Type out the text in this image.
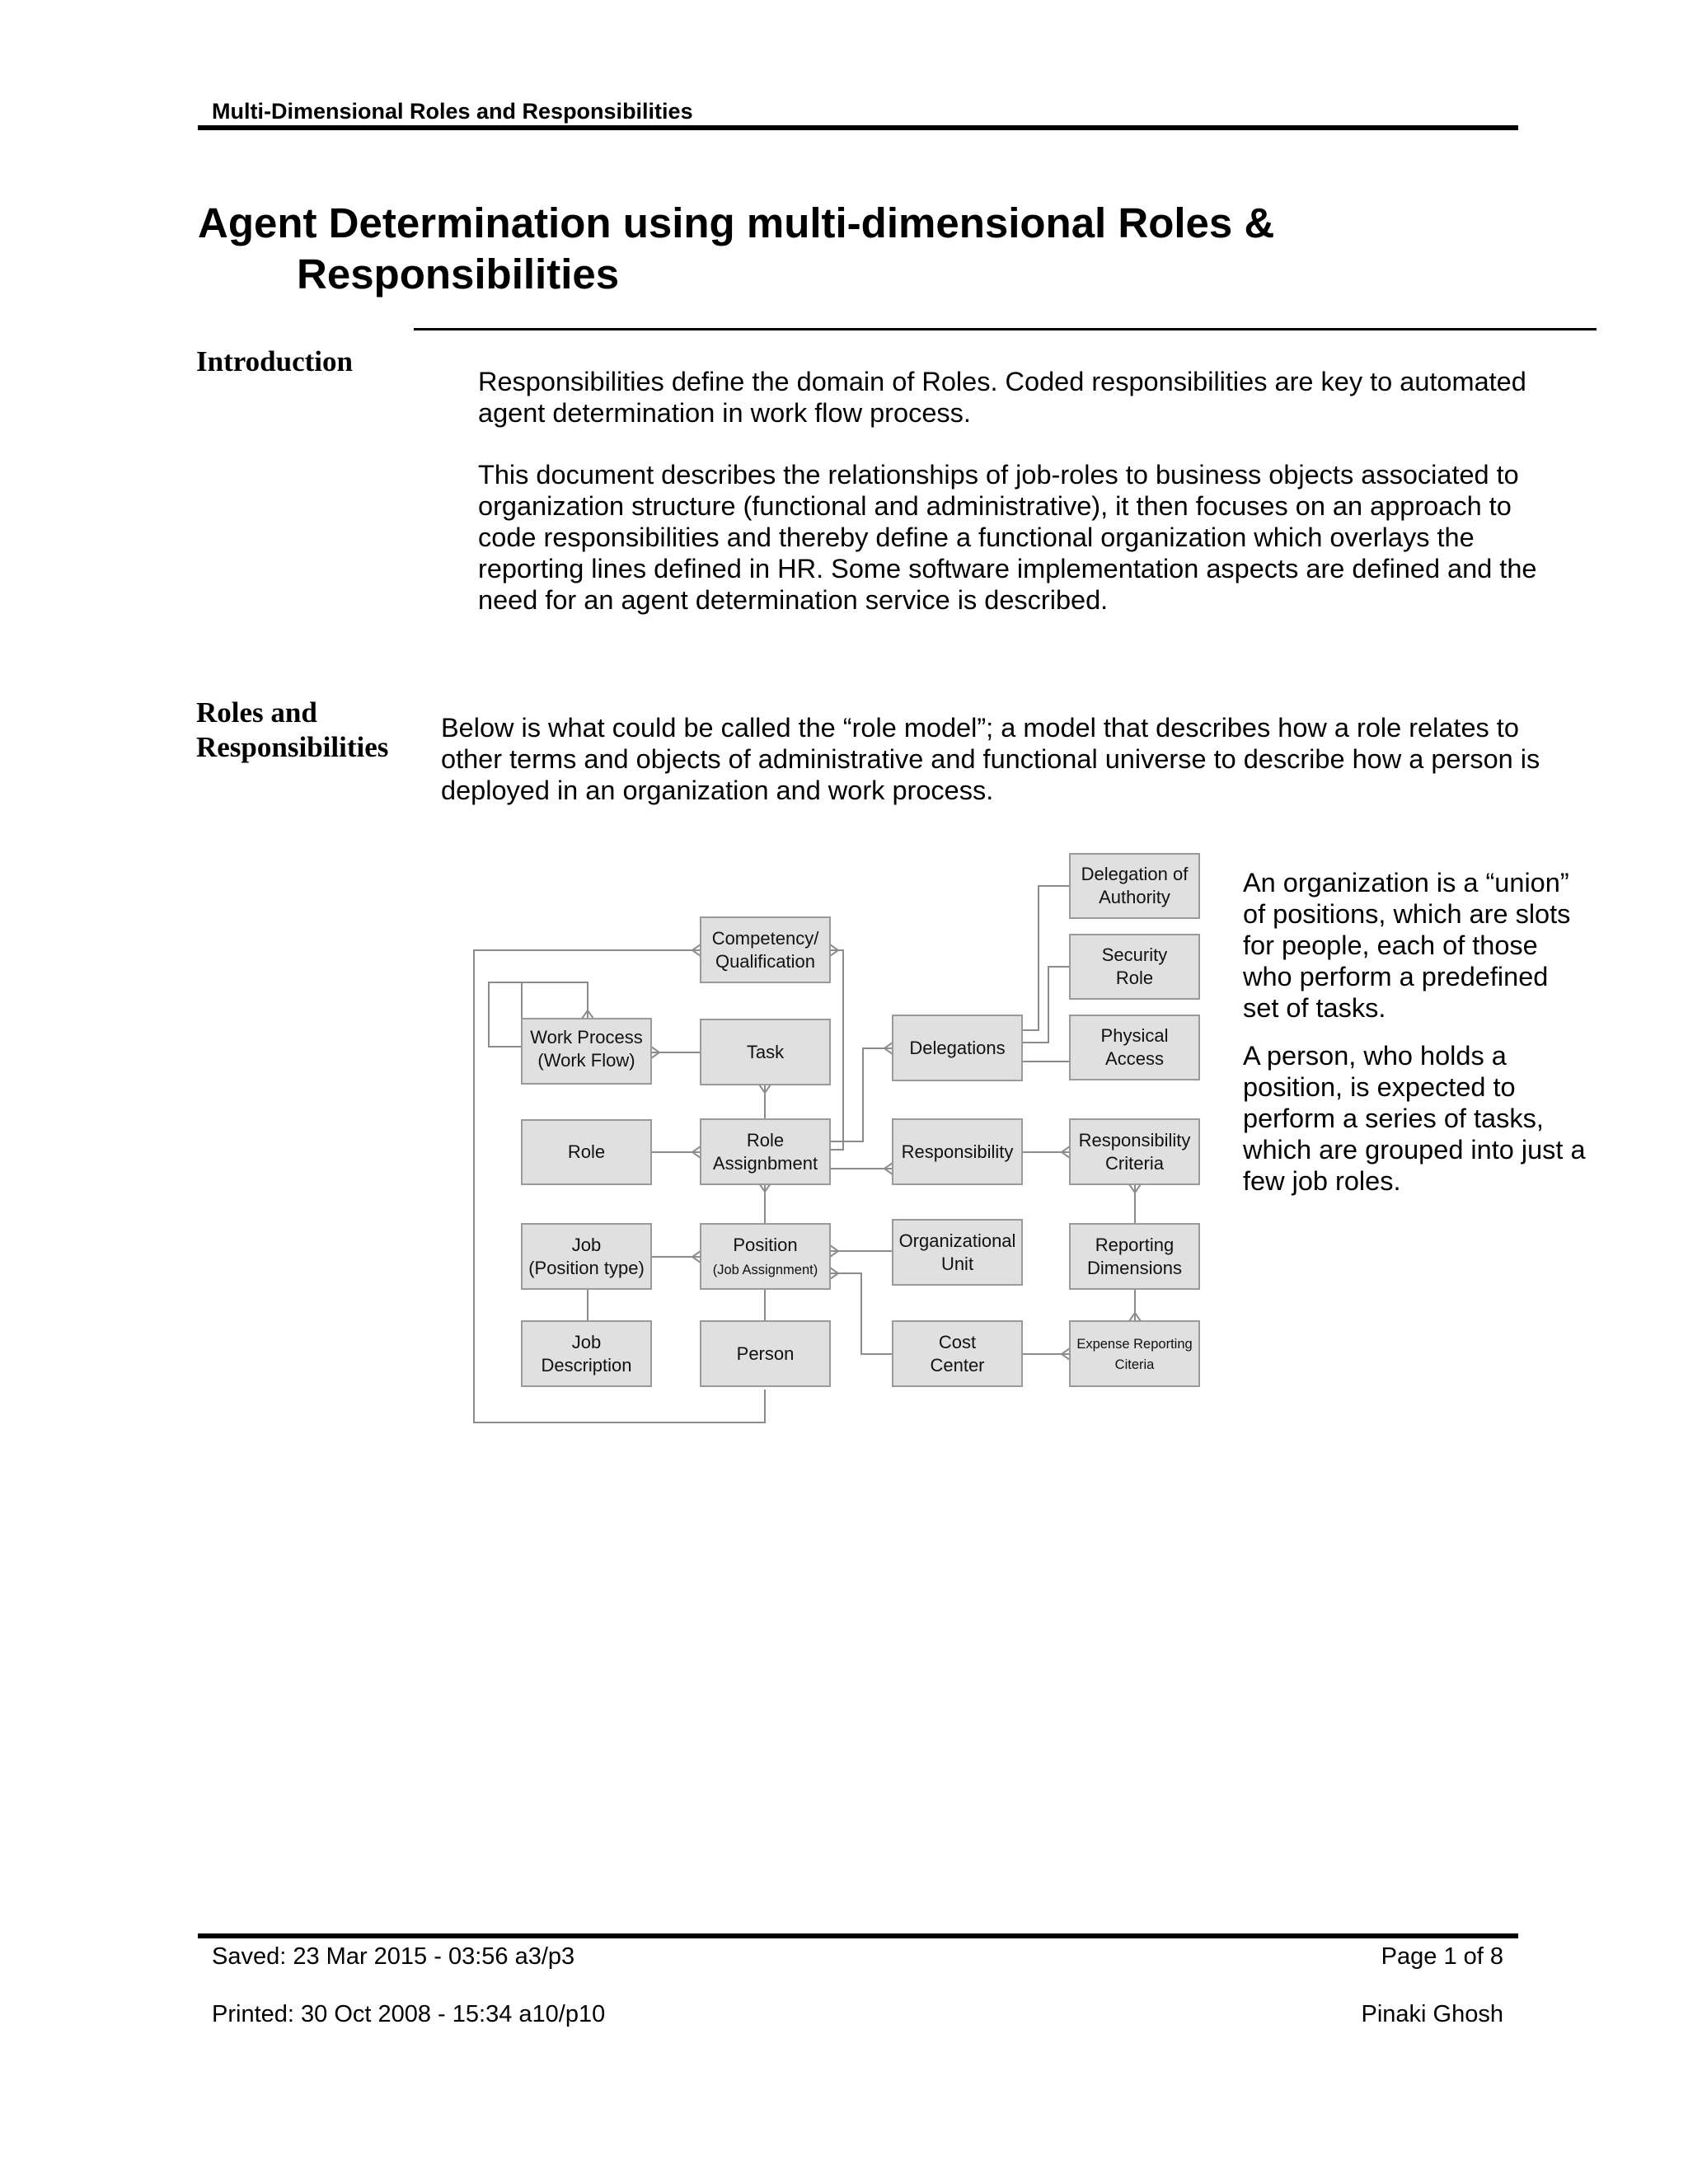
Multi-Dimensional Roles and Responsibilities
Agent Determination using multi-dimensional Roles &
Responsibilities
Introduction
Responsibilities define the domain of Roles. Coded responsibilities are key to automated agent determination in work flow process.
This document describes the relationships of job-roles to business objects associated to organization structure (functional and administrative), it then focuses on an approach to code responsibilities and thereby define a functional organization which overlays the reporting lines defined in HR. Some software implementation aspects are defined and the need for an agent determination service is described.
Roles and
Responsibilities
Below is what could be called the “role model”; a model that describes how a role relates to other terms and objects of administrative and functional universe to describe how a person is deployed in an organization and work process.
Competency/
Qualification
Work Process
(Work Flow)	Task
Role
Role
Assignbment
Job
(Position type)
Position
(Job Assignment)
Job
Description
Person
Delegations
Responsibility
Organizational
Unit
Cost
Center
Delegation of
Authority
Security
Role
Physical
Access
Responsibility
Criteria
Reporting
Dimensions
Expense Reporting
Citeria

An organization is a “union” of positions, which are slots for people, each of those who perform a predefined set of tasks.

A person, who holds a position, is expected to perform a series of tasks, which are grouped into just a few job roles.

Saved: 23 Mar 2015 - 03:56 a3/p3	Page 1 of 8
Printed: 30 Oct 2008 - 15:34 a10/p10	Pinaki Ghosh
